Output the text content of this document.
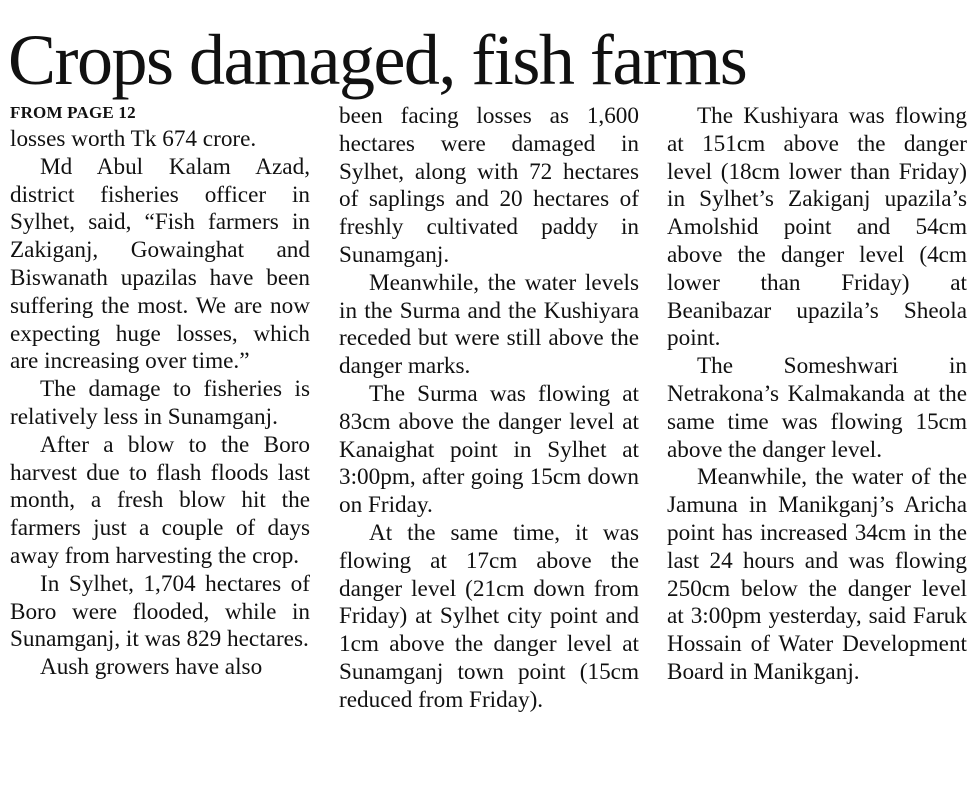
Crops damaged, fish farms
FROM PAGE 12

losses worth Tk 674 crore.

Md Abul Kalam Azad, district fisheries officer in Sylhet, said, “Fish farmers in Zakiganj, Gowainghat and Biswanath upazilas have been suffering the most. We are now expecting huge losses, which are increasing over time.”

The damage to fisheries is relatively less in Sunamganj.

After a blow to the Boro harvest due to flash floods last month, a fresh blow hit the farmers just a couple of days away from harvesting the crop.

In Sylhet, 1,704 hectares of Boro were flooded, while in Sunamganj, it was 829 hectares.

Aush growers have also

been facing losses as 1,600 hectares were damaged in Sylhet, along with 72 hectares of saplings and 20 hectares of freshly cultivated paddy in Sunamganj.

Meanwhile, the water levels in the Surma and the Kushiyara receded but were still above the danger marks.

The Surma was flowing at 83cm above the danger level at Kanaighat point in Sylhet at 3:00pm, after going 15cm down on Friday.

At the same time, it was flowing at 17cm above the danger level (21cm down from Friday) at Sylhet city point and 1cm above the danger level at Sunamganj town point (15cm reduced from Friday).

The Kushiyara was flowing at 151cm above the danger level (18cm lower than Friday) in Sylhet’s Zakiganj upazila’s Amolshid point and 54cm above the danger level (4cm lower than Friday) at Beanibazar upazila’s Sheola point.

The Someshwari in Netrakona’s Kalmakanda at the same time was flowing 15cm above the danger level.

Meanwhile, the water of the Jamuna in Manikganj’s Aricha point has increased 34cm in the last 24 hours and was flowing 250cm below the danger level at 3:00pm yesterday, said Faruk Hossain of Water Development Board in Manikganj.
